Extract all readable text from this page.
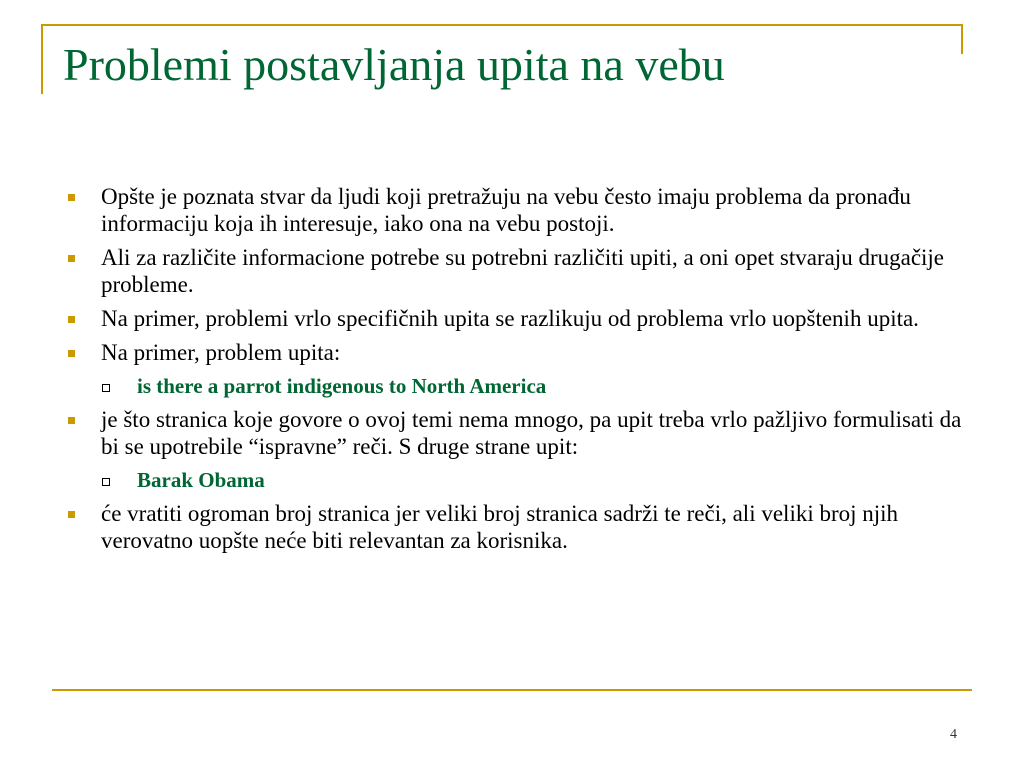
Problemi postavljanja upita na vebu
Opšte je poznata stvar da ljudi koji pretražuju na vebu često imaju problema da pronađu informaciju koja ih interesuje, iako ona na vebu postoji.
Ali za različite informacione potrebe su potrebni različiti upiti, a oni opet stvaraju drugačije probleme.
Na primer, problemi vrlo specifičnih upita se razlikuju od problema vrlo uopštenih upita.
Na primer, problem upita:
is there a parrot indigenous to North America
je što stranica koje govore o ovoj temi nema mnogo, pa upit treba vrlo pažljivo formulisati da bi se upotrebile “ispravne” reči. S druge strane upit:
Barak Obama
će vratiti ogroman broj stranica jer veliki broj stranica sadrži te reči, ali veliki broj njih verovatno uopšte neće biti relevantan za korisnika.
4
